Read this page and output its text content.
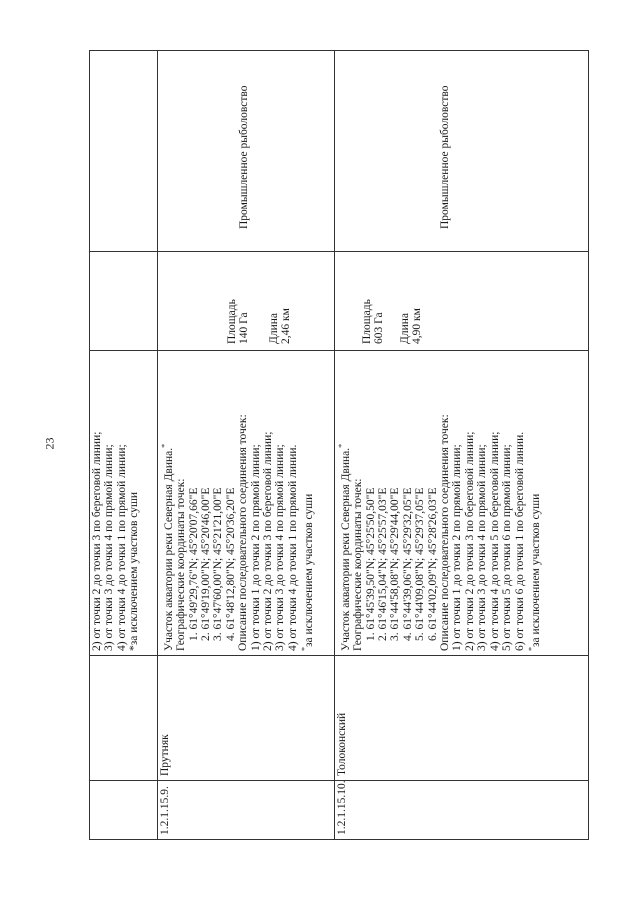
23	2) от точки 2 до точки 3 по береговой линии; 3) от точки 3 до точки 4 по прямой линии; 4) от точки 4 до точки 1 по прямой линии; *за исключением участков суши
1.2.1.15.9.
Прутняк
Участок акватории реки Северная Двина.*
Географические координаты точек: 1. 61°49'29,76"N; 45°20'07,66"E 2. 61°49'19,00"N; 45°20'46,00"E 3. 61°47'60,00"N; 45°21'21,00"E 4. 61°48'12,80"N; 45°20'36,20"E Описание последовательного соединения точек: 1) от точки 1 до точки 2 по прямой линии; 2) от точки 2 до точки 3 по береговой линии; 3) от точки 3 до точки 4 по прямой линии; 4) от точки 4 до точки 1 по прямой линии. *за исключением участков суши
Площадь 140 Га Длина 2,46 км
Промышленное рыболовство
1.2.1.15.10.
Толоконский
Участок акватории реки Северная Двина.*
Географические координаты точек: 1. 61°45'39,50"N; 45°25'50,50"E 2. 61°46'15,04"N; 45°25'57,03"E 3. 61°44'58,08"N; 45°29'44,00"E 4. 61°44'39,06"N; 45°29'32,05"E 5. 61°44'09,08"N; 45°29'37,05"E 6. 61°44'02,09"N; 45°28'26,03"E Описание последовательного соединения точек: 1) от точки 1 до точки 2 по прямой линии; 2) от точки 2 до точки 3 по береговой линии; 3) от точки 3 до точки 4 по прямой линии; 4) от точки 4 до точки 5 по береговой линии; 5) от точки 5 до точки 6 по прямой линии; 6) от точки 6 до точки 1 по береговой линии. *за исключением участков суши
Площадь 603 Га Длина 4,90 км
Промышленное рыболовство
